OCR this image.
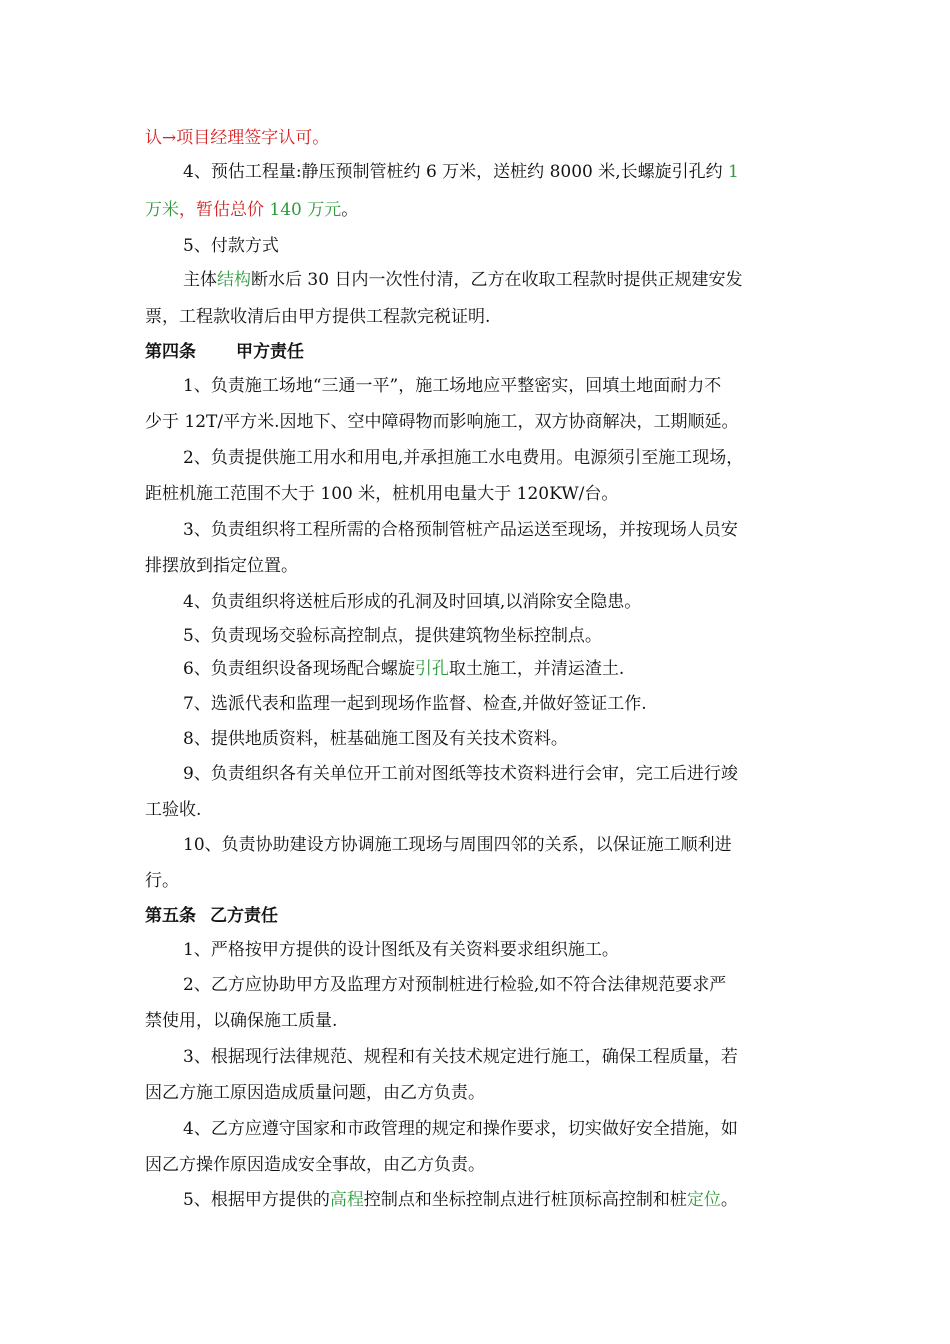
认→项目经理签字认可。
4、预估工程量:静压预制管桩约 6 万米，送桩约 8000 米,长螺旋引孔约 1
万米，暂估总价 140 万元。
5、付款方式
主体结构断水后 30 日内一次性付清，乙方在收取工程款时提供正规建安发
票，工程款收清后由甲方提供工程款完税证明.
第四条 甲方责任
1、负责施工场地“三通一平”，施工场地应平整密实，回填土地面耐力不
少于 12T/平方米.因地下、空中障碍物而影响施工，双方协商解决，工期顺延。
2、负责提供施工用水和用电,并承担施工水电费用。电源须引至施工现场，
距桩机施工范围不大于 100 米，桩机用电量大于 120KW/台。
3、负责组织将工程所需的合格预制管桩产品运送至现场，并按现场人员安
排摆放到指定位置。
4、负责组织将送桩后形成的孔洞及时回填,以消除安全隐患。
5、负责现场交验标高控制点，提供建筑物坐标控制点。
6、负责组织设备现场配合螺旋引孔取土施工，并清运渣土.
7、选派代表和监理一起到现场作监督、检查,并做好签证工作.
8、提供地质资料，桩基础施工图及有关技术资料。
9、负责组织各有关单位开工前对图纸等技术资料进行会审，完工后进行竣
工验收.
10、负责协助建设方协调施工现场与周围四邻的关系，以保证施工顺利进
行。
第五条 乙方责任
1、严格按甲方提供的设计图纸及有关资料要求组织施工。
2、乙方应协助甲方及监理方对预制桩进行检验,如不符合法律规范要求严
禁使用，以确保施工质量.
3、根据现行法律规范、规程和有关技术规定进行施工，确保工程质量，若
因乙方施工原因造成质量问题，由乙方负责。
4、乙方应遵守国家和市政管理的规定和操作要求，切实做好安全措施，如
因乙方操作原因造成安全事故，由乙方负责。
5、根据甲方提供的高程控制点和坐标控制点进行桩顶标高控制和桩定位。
